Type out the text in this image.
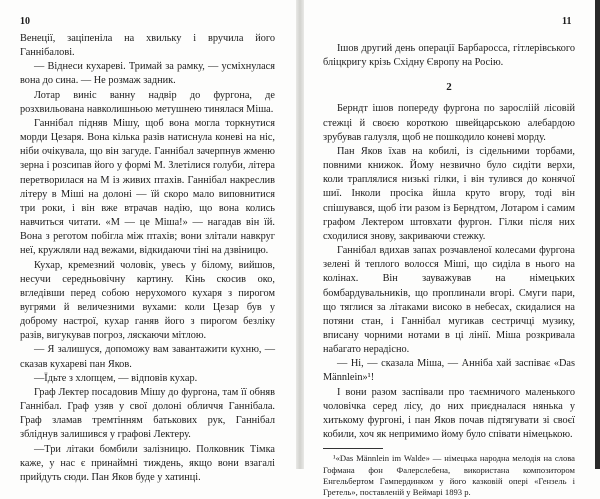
10

Венеції, зацiпеніла на хвильку і вручила його Ганнібалові.

— Віднеси кухареві. Тримай за рамку, — усміхнулася вона до сина. — Не розмаж задник.

Лотар виніс ванну надвір до фургона, де розхвильована навколишньою метушнею тинялася Міша.

Ганнібал підняв Мішу, щоб вона могла торкнутися морди Цезаря. Вона кілька разів натиснула коневі на ніс, ніби очікувала, що він загуде. Ганнібал зачерпнув жменю зерна і розсипав його у формі М. Злетілися голуби, літера перетворилася на М із живих птахів. Ганнібал накреслив літеру в Міші на долоні — їй скоро мало виповнитися три роки, і він вже втрачав надію, що вона колись навчиться читати. «М — це Міша!» — нагадав він їй. Вона з реготом побігла між птахів; вони злітали навкруг неї, кружляли над вежами, відкидаючи тіні на дзвіницю.

Кухар, кремезний чоловік, увесь у білому, вийшов, несучи середньовічну картину. Кінь скосив око, вгледівши перед собою нерухомого кухаря з пирогом вугрями й величезними вухами: коли Цезар був у доброму настрої, кухар ганяв його з пирогом безліку разів, вигукував погроз, ляскаючи мітлою.

— Я залишуся, допоможу вам завантажити кухню, — сказав кухареві пан Яков.

—Їдьте з хлопцем, — відповів кухар.

Граф Лектер посадовив Мішу до фургона, там її обняв Ганнібал. Граф узяв у свої долоні обличчя Ганнібала. Граф зламав тремтінням батькових рук, Ганнібал збліднув залишився у графові Лектеру.

—Три літаки бомбили залізницю. Полковник Тімка каже, у нас є принаймні тиждень, якщо вони взагалі прийдуть сюди. Пан Яков буде у хатинці.

11

Ішов другий день операції Барбаросса, гітлерівського бліцкригу крізь Східну Європу на Росію.

2

Берндт ішов попереду фургона по заросліій лісовій стежці й своєю короткою швейцарською алебардою зрубував галузля, щоб не пошкодило коневі морду.

Пан Яков їхав на кобилі, із сідельними торбами, повними книжок. Йому незвично було сидіти верхи, коли траплялися низькі гілки, і він тулився до конячої шиї. Інколи просіка йшла круто вгору, тоді він спішувався, щоб іти разом із Берндтом, Лотаром і самим графом Лектером штовхати фургон. Гілки після них сходилися знову, закриваючи стежку.

Ганнібал вдихав запах розчавленої колесами фургона зелені й теплого волосся Міші, що сиділа в нього на колінах. Він зауважував на німецьких бомбардувальників, що проплинали вгорі. Смуги пари, що тяглися за літаками високо в небесах, скидалися на потяни стан, і Ганнібал мугикав сестричці музику, вписану чорними нотами в ці лінії. Міша розкривала набагато нерадісно.

— Ні, — сказала Міша, — Анніба хай заспіває «Das Männlein»¹!

І вони разом заспівали про таємничого маленького чоловічка серед лісу, до них приєдналася нянька у хитькому фургоні, і пан Яков почав підтягувати зі своєї кобили, хоч як непримимо йому було співати німецькою.

¹«Das Männlein im Walde» — німецька народна мелодія на слова Гофмана фон Фалерслебена, використана композитором Енгельбертом Гампердинком у його казковій опері «Гензель і Гретель», поставленій у Веймарі 1893 р.
